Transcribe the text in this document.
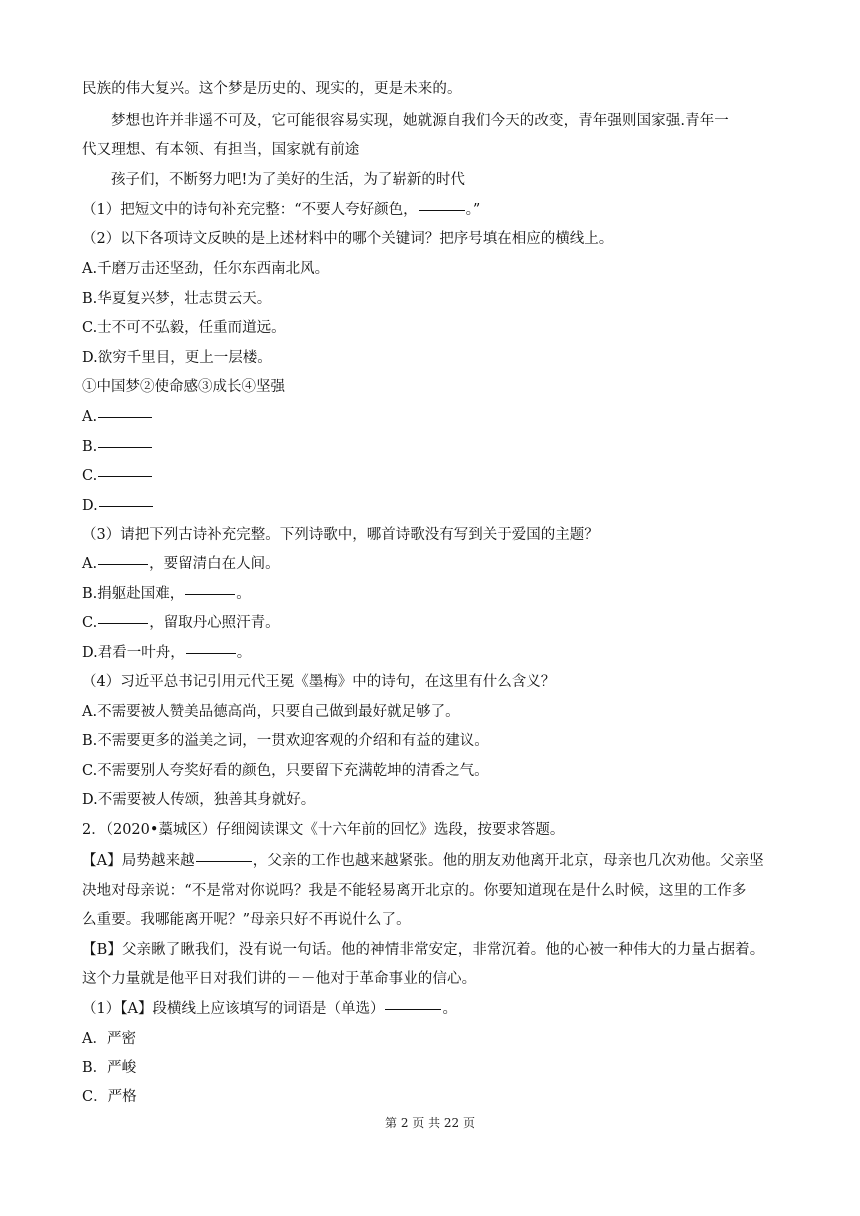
民族的伟大复兴。这个梦是历史的、现实的，更是未来的。
梦想也许并非遥不可及，它可能很容易实现，她就源自我们今天的改变，青年强则国家强.青年一
代又理想、有本领、有担当，国家就有前途
孩子们，不断努力吧!为了美好的生活，为了崭新的时代
（1）把短文中的诗句补充完整：“不要人夸好颜色，	。”
（2）以下各项诗文反映的是上述材料中的哪个关键词？把序号填在相应的横线上。
A.千磨万击还坚劲，任尔东西南北风。
B.华夏复兴梦，壮志贯云天。
C.士不可不弘毅，任重而道远。
D.欲穷千里目，更上一层楼。
①中国梦②使命感③成长④坚强
A.
B.
C.
D.
（3）请把下列古诗补充完整。下列诗歌中，哪首诗歌没有写到关于爱国的主题？
A.	，要留清白在人间。
B.捐躯赴国难，	。
C.	，留取丹心照汗青。
D.君看一叶舟，	。
（4）习近平总书记引用元代王冕《墨梅》中的诗句，在这里有什么含义？
A.不需要被人赞美品德高尚，只要自己做到最好就足够了。
B.不需要更多的溢美之词，一贯欢迎客观的介绍和有益的建议。
C.不需要别人夸奖好看的颜色，只要留下充满乾坤的清香之气。
D.不需要被人传颂，独善其身就好。
2．（2020•藁城区）仔细阅读课文《十六年前的回忆》选段，按要求答题。
【A】局势越来越	，父亲的工作也越来越紧张。他的朋友劝他离开北京，母亲也几次劝他。父亲坚
决地对母亲说：“不是常对你说吗？我是不能轻易离开北京的。你要知道现在是什么时候，这里的工作多
么重要。我哪能离开呢？”母亲只好不再说什么了。
【B】父亲瞅了瞅我们，没有说一句话。他的神情非常安定，非常沉着。他的心被一种伟大的力量占据着。
这个力量就是他平日对我们讲的－－他对于革命事业的信心。
（1）【A】段横线上应该填写的词语是（单选）	。
A．严密
B．严峻
C．严格
第 2 页 共 22 页
